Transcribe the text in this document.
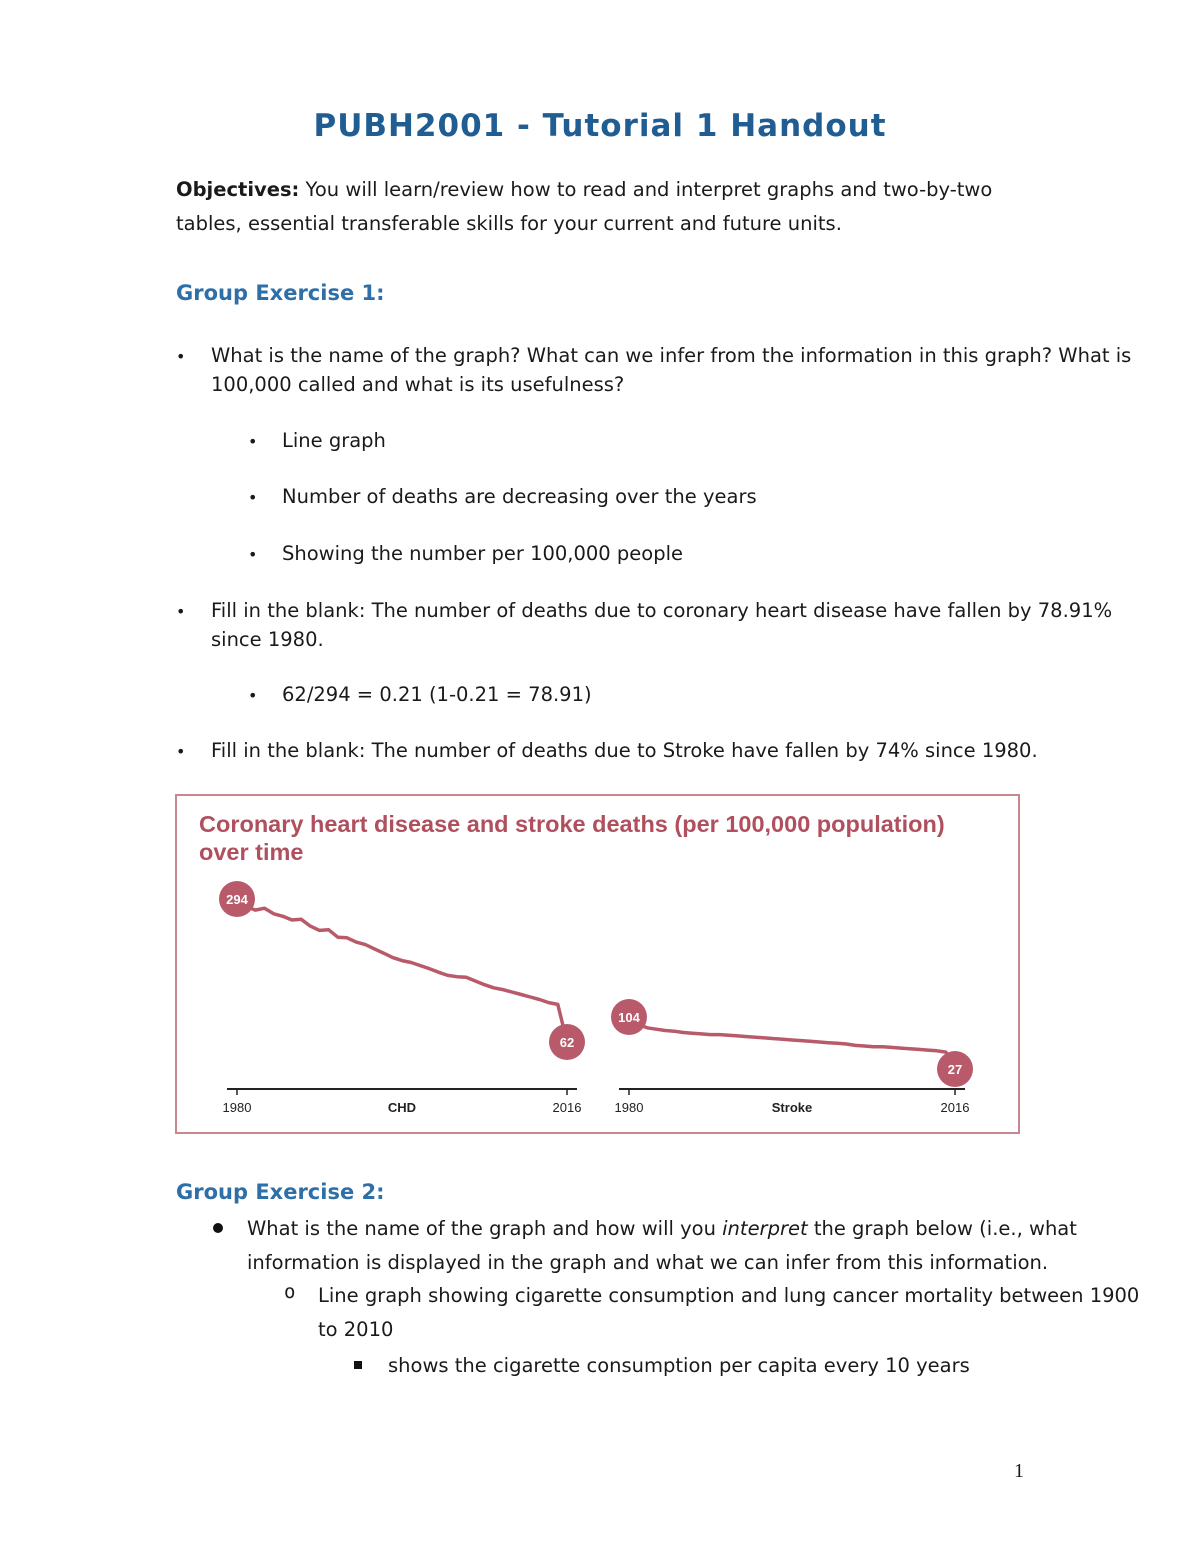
PUBH2001 - Tutorial 1 Handout
Objectives: You will learn/review how to read and interpret graphs and two-by-two
tables, essential transferable skills for your current and future units.
Group Exercise 1:
• What is the name of the graph? What can we infer from the information in this graph? What is
100,000 called and what is its usefulness?
• Line graph
• Number of deaths are decreasing over the years
• Showing the number per 100,000 people
• Fill in the blank: The number of deaths due to coronary heart disease have fallen by 78.91%
since 1980.
• 62/294 = 0.21 (1-0.21 = 78.91)
• Fill in the blank: The number of deaths due to Stroke have fallen by 74% since 1980.
Coronary heart disease and stroke deaths (per 100,000 population)
over time
1980	2016
CHD
294
62
1980	2016
Stroke
104
27
Group Exercise 2:
What is the name of the graph and how will you interpret the graph below (i.e., what
information is displayed in the graph and what we can infer from this information.
o Line graph showing cigarette consumption and lung cancer mortality between 1900
to 2010
shows the cigarette consumption per capita every 10 years
1
